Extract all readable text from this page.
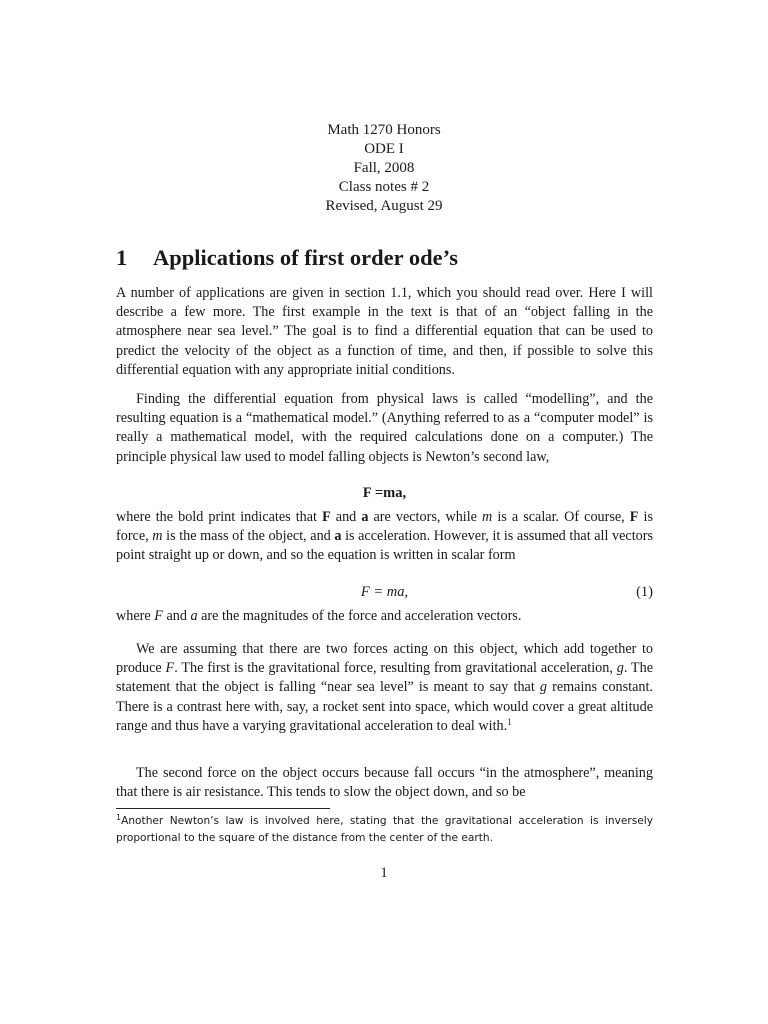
Math 1270 Honors
ODE I
Fall, 2008
Class notes # 2
Revised, August 29
1 Applications of first order ode’s
A number of applications are given in section 1.1, which you should read over. Here I will describe a few more. The first example in the text is that of an “object falling in the atmosphere near sea level.” The goal is to find a differential equation that can be used to predict the velocity of the object as a function of time, and then, if possible to solve this differential equation with any appropriate initial conditions.
Finding the differential equation from physical laws is called “modelling”, and the resulting equation is a “mathematical model.” (Anything referred to as a “computer model” is really a mathematical model, with the required calculations done on a computer.) The principle physical law used to model falling objects is Newton’s second law,
F =ma,
where the bold print indicates that F and a are vectors, while m is a scalar. Of course, F is force, m is the mass of the object, and a is acceleration. However, it is assumed that all vectors point straight up or down, and so the equation is written in scalar form
F = ma,	(1)
where F and a are the magnitudes of the force and acceleration vectors.
We are assuming that there are two forces acting on this object, which add together to produce F. The first is the gravitational force, resulting from gravitational acceleration, g. The statement that the object is falling “near sea level” is meant to say that g remains constant. There is a contrast here with, say, a rocket sent into space, which would cover a great altitude range and thus have a varying gravitational acceleration to deal with.$^1$
The second force on the object occurs because fall occurs “in the atmosphere”, meaning that there is air resistance. This tends to slow the object down, and so be
$^1$Another Newton’s law is involved here, stating that the gravitational acceleration is inversely proportional to the square of the distance from the center of the earth.
1
